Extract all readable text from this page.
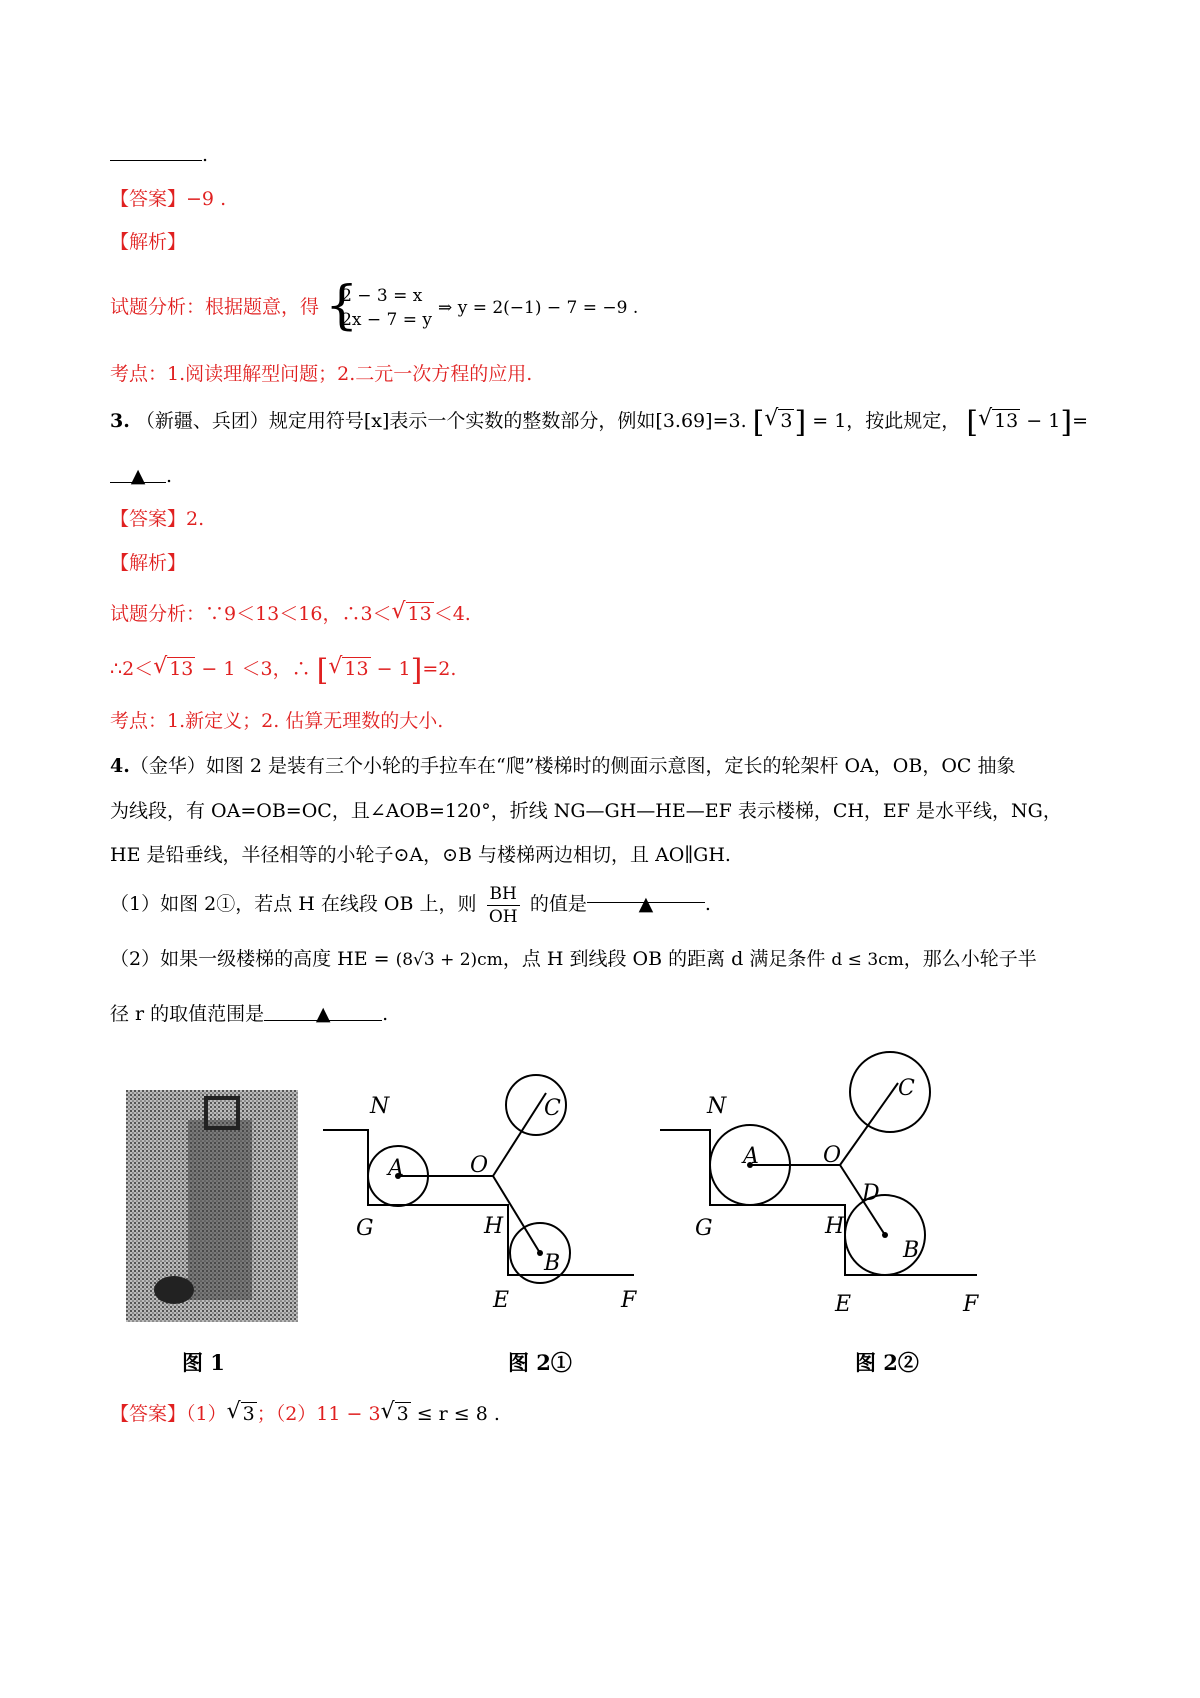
.
【答案】−9 .
【解析】
试题分析：根据题意，得 {
2 − 3 = x
2x − 7 = y
⇒ y = 2(−1) − 7 = −9 .
考点：1.阅读理解型问题；2.二元一次方程的应用.
3. （新疆、兵团）规定用符号[x]表示一个实数的整数部分，例如[3.69]=3. [ √ 3] = 1，按此规定， [ √ 13 − 1]=
▲ .
【答案】2.
【解析】
试题分析：∵9＜13＜16，∴3＜ √ 13 ＜4.
∴2＜ √ 13 − 1 ＜3，∴ [ √ 13 − 1]=2.
考点：1.新定义；2. 估算无理数的大小.
4.（金华）如图 2 是装有三个小轮的手拉车在“爬”楼梯时的侧面示意图，定长的轮架杆 OA，OB，OC 抽象
为线段，有 OA=OB=OC，且∠AOB=120°，折线 NG—GH—HE—EF 表示楼梯，CH，EF 是水平线，NG，
HE 是铅垂线，半径相等的小轮子⊙A，⊙B 与楼梯两边相切，且 AO∥GH.
（1）如图 2①，若点 H 在线段 OB 上，则 $\frac{BH}{OH}$ 的值是	▲	.
（2）如果一级楼梯的高度 HE = (8√3 + 2)cm，点 H 到线段 OB 的距离 d 满足条件 d ≤ 3cm，那么小轮子半
径 r 的取值范围是	▲	.
N
A	O
C
G	H
B
E	F
N
A	O
C
D
G	H
B
E	F
图 1	图 2①	图 2②
【答案】（1） √ 3 ；（2）11 − 3 √ 3 ≤ r ≤ 8 .
